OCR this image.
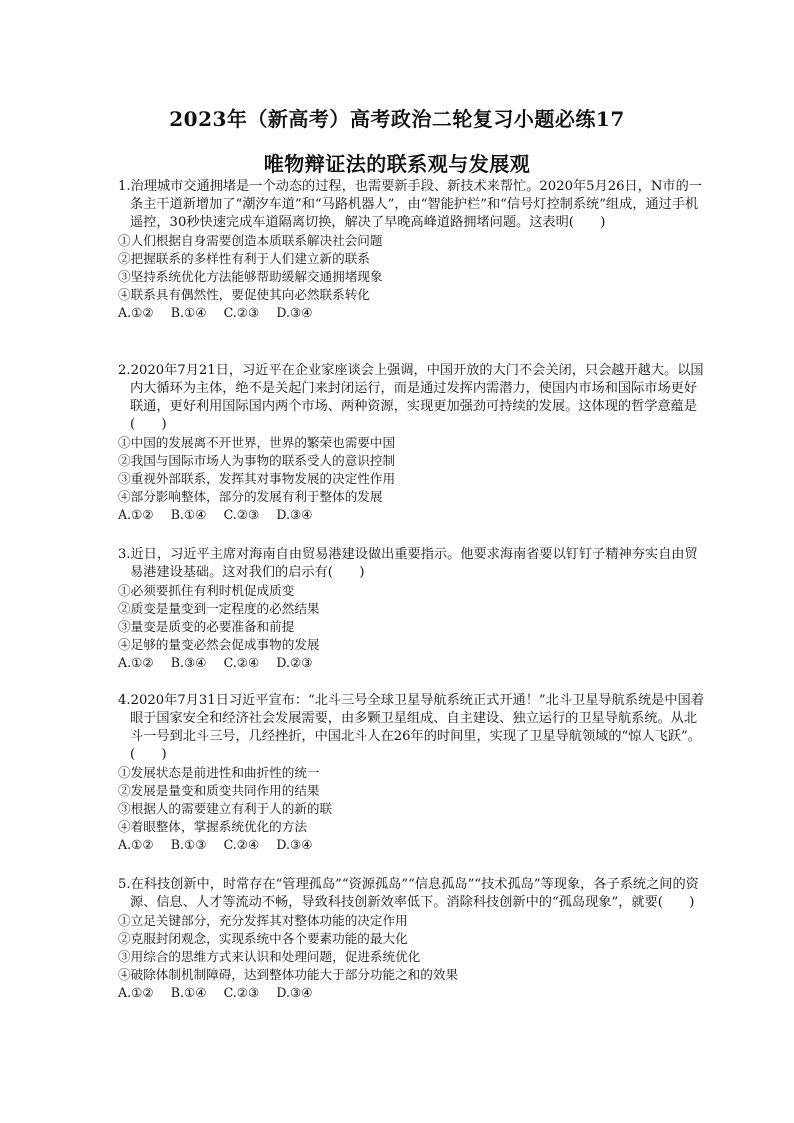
2023年（新高考）高考政治二轮复习小题必练17
唯物辩证法的联系观与发展观

1.治理城市交通拥堵是一个动态的过程，也需要新手段、新技术来帮忙。2020年5月26日，N市的一条主干道新增加了“潮汐车道”和“马路机器人”，由“智能护栏”和“信号灯控制系统”组成，通过手机遥控，30秒快速完成车道隔离切换，解决了早晚高峰道路拥堵问题。这表明(　　)

①人们根据自身需要创造本质联系解决社会问题

②把握联系的多样性有利于人们建立新的联系

③坚持系统优化方法能够帮助缓解交通拥堵现象

④联系具有偶然性，要促使其向必然联系转化

A.①② B.①④ C.②③ D.③④

2.2020年7月21日，习近平在企业家座谈会上强调，中国开放的大门不会关闭，只会越开越大。以国内大循环为主体，绝不是关起门来封闭运行，而是通过发挥内需潜力，使国内市场和国际市场更好联通，更好利用国际国内两个市场、两种资源，实现更加强劲可持续的发展。这体现的哲学意蕴是(　　)

①中国的发展离不开世界，世界的繁荣也需要中国

②我国与国际市场人为事物的联系受人的意识控制

③重视外部联系，发挥其对事物发展的决定性作用

④部分影响整体，部分的发展有利于整体的发展

A.①② B.①④ C.②③ D.③④

3.近日，习近平主席对海南自由贸易港建设做出重要指示。他要求海南省要以钉钉子精神夯实自由贸易港建设基础。这对我们的启示有(　　)

①必须要抓住有利时机促成质变

②质变是量变到一定程度的必然结果

③量变是质变的必要准备和前提

④足够的量变必然会促成事物的发展

A.①② B.③④ C.②④ D.②③

4.2020年7月31日习近平宣布：“北斗三号全球卫星导航系统正式开通！”北斗卫星导航系统是中国着眼于国家安全和经济社会发展需要，由多颗卫星组成、自主建设、独立运行的卫星导航系统。从北斗一号到北斗三号，几经挫折，中国北斗人在26年的时间里，实现了卫星导航领域的“惊人飞跃”。(　　)

①发展状态是前进性和曲折性的统一

②发展是量变和质变共同作用的结果

③根据人的需要建立有利于人的新的联

④着眼整体，掌握系统优化的方法

A.①② B.①③ C.②④ D.③④

5.在科技创新中，时常存在“管理孤岛”“资源孤岛”“信息孤岛”“技术孤岛”等现象，各子系统之间的资源、信息、人才等流动不畅，导致科技创新效率低下。消除科技创新中的“孤岛现象”，就要(　　)

①立足关键部分，充分发挥其对整体功能的决定作用

②克服封闭观念，实现系统中各个要素功能的最大化

③用综合的思维方式来认识和处理问题，促进系统优化

④破除体制机制障碍，达到整体功能大于部分功能之和的效果

A.①② B.①④ C.②③ D.③④
